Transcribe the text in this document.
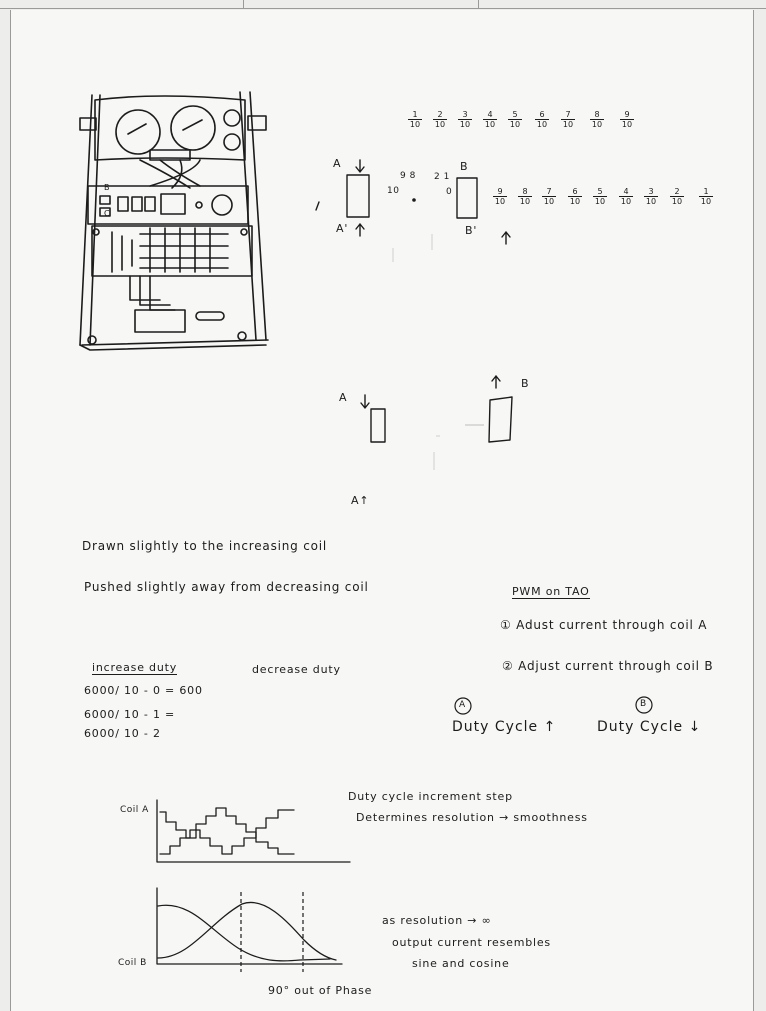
B
C
$\frac{1}{10} \frac{2}{10} \frac{3}{10} \frac{4}{10} \frac{5}{10} \frac{6}{10} \frac{7}{10} \frac{8}{10} \frac{9}{10}$
$\frac{9}{10} \frac{8}{10} \frac{7}{10} \frac{6}{10} \frac{5}{10} \frac{4}{10} \frac{3}{10} \frac{2}{10} \frac{1}{10}$
A
A'
B
B'
10
9 8 2 1
0
A
B
A↑
Drawn slightly to the increasing coil
Pushed slightly away from decreasing coil	PWM on TAO
① Adust current through coil A
② Adjust current through coil B
increase duty	decrease duty
6000/ 10 - 0 = 600
6000/ 10 - 1 =
6000/ 10 - 2
A	B
Duty Cycle ↑	Duty Cycle ↓
Coil A
Duty cycle increment step
Determines resolution → smoothness
Coil B
as resolution → ∞
output current resembles
sine and cosine
90° out of Phase
